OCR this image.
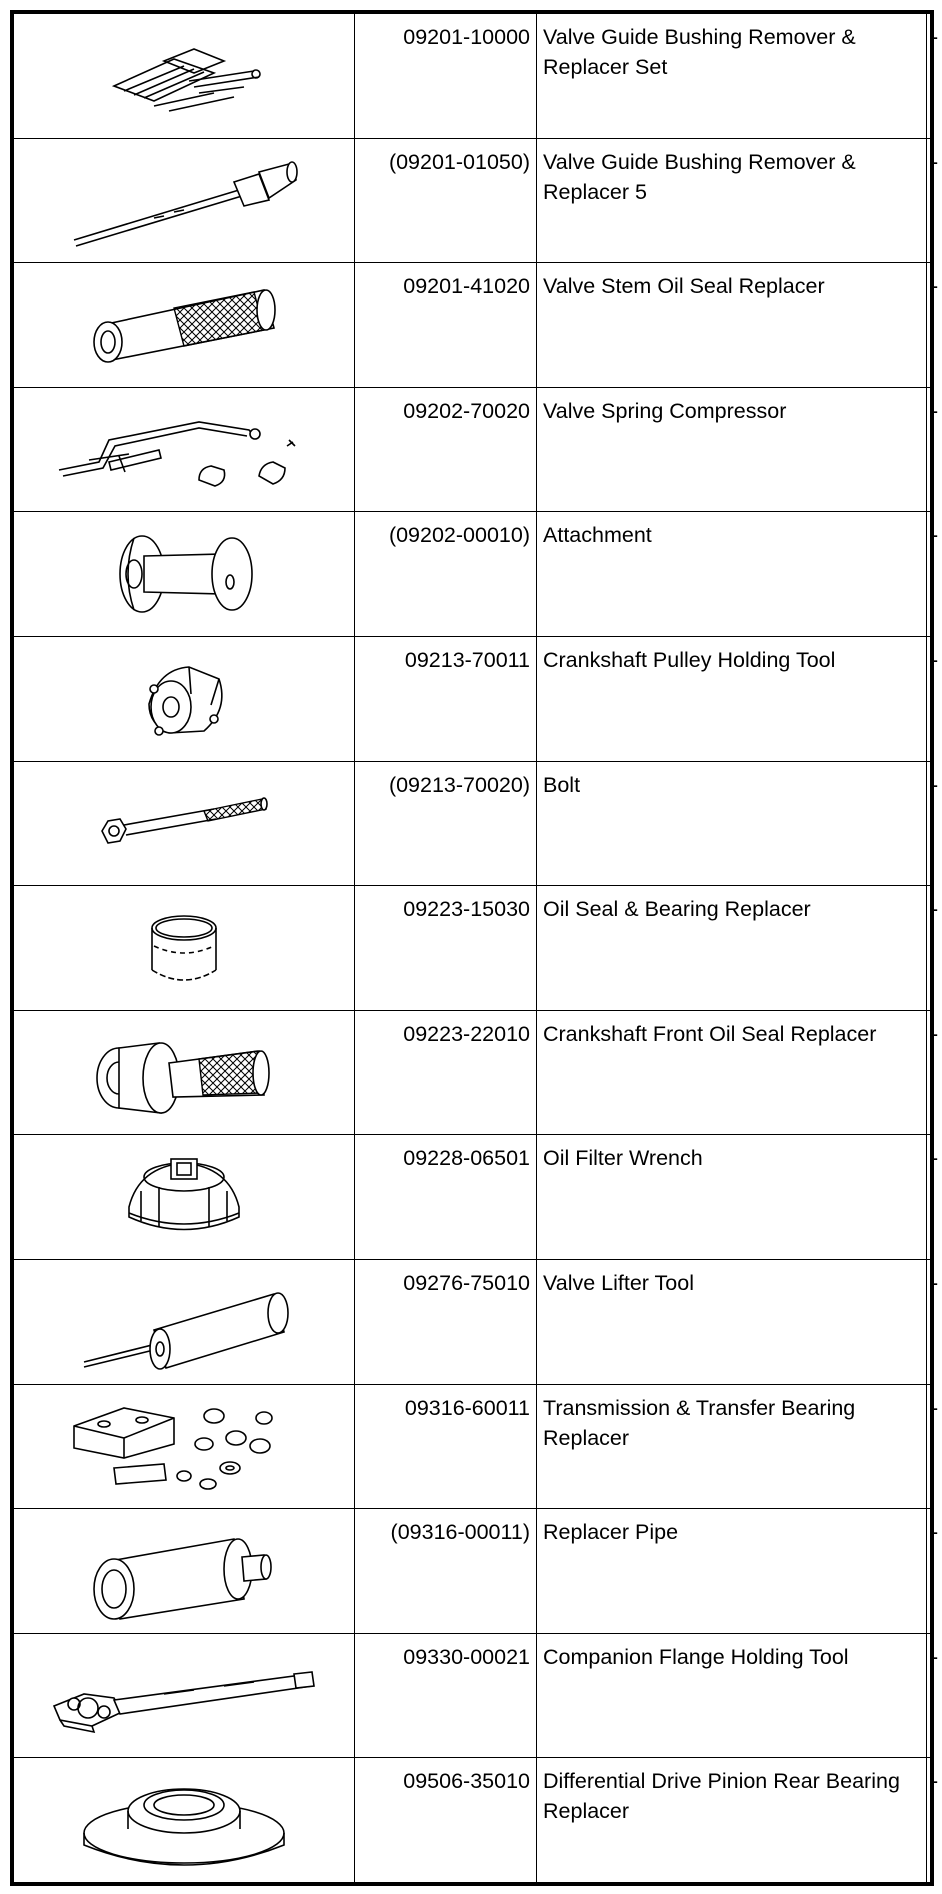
	09201-10000	Valve Guide Bushing Remover & Replacer Set	-

	(09201-01050)	Valve Guide Bushing Remover & Replacer 5	-

	09201-41020	Valve Stem Oil Seal Replacer	-

	09202-70020	Valve Spring Compressor	-

	(09202-00010)	Attachment	-

	09213-70011	Crankshaft Pulley Holding Tool	-

	(09213-70020)	Bolt	-

	09223-15030	Oil Seal & Bearing Replacer	-

	09223-22010	Crankshaft Front Oil Seal Replacer	-

	09228-06501	Oil Filter Wrench	-

	09276-75010	Valve Lifter Tool	-

	09316-60011	Transmission & Transfer Bearing Replacer	-

	(09316-00011)	Replacer Pipe	-

	09330-00021	Companion Flange Holding Tool	-

	09506-35010	Differential Drive Pinion Rear Bearing Replacer	-
